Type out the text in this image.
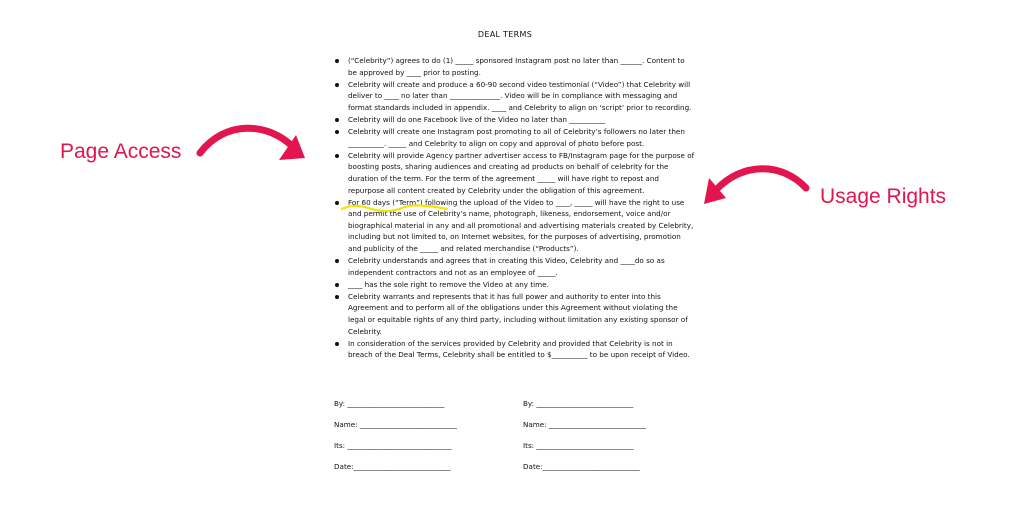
DEAL TERMS
(“Celebrity”) agrees to do (1) _____ sponsored Instagram post no later than ______. Content to be approved by ____ prior to posting.
Celebrity will create and produce a 60-90 second video testimonial (“Video”) that Celebrity will deliver to ____ no later than ______________. Video will be in compliance with messaging and format standards included in appendix. ____ and Celebrity to align on ‘script’ prior to recording.
Celebrity will do one Facebook live of the Video no later than __________
Celebrity will create one Instagram post promoting to all of Celebrity’s followers no later then __________. _____ and Celebrity to align on copy and approval of photo before post.
Celebrity will provide Agency partner advertiser access to FB/Instagram page for the purpose of boosting posts, sharing audiences and creating ad products on behalf of celebrity for the duration of the term. For the term of the agreement _____ will have right to repost and repurpose all content created by Celebrity under the obligation of this agreement.
For 60 days (“Term”) following the upload of the Video to ____, _____ will have the right to use and permit the use of Celebrity’s name, photograph, likeness, endorsement, voice and/or biographical material in any and all promotional and advertising materials created by Celebrity, including but not limited to, on Internet websites, for the purposes of advertising, promotion and publicity of the _____ and related merchandise (“Products”).
Celebrity understands and agrees that in creating this Video, Celebrity and ____do so as independent contractors and not as an employee of _____.
____ has the sole right to remove the Video at any time.
Celebrity warrants and represents that it has full power and authority to enter into this Agreement and to perform all of the obligations under this Agreement without violating the legal or equitable rights of any third party, including without limitation any existing sponsor of Celebrity.
In consideration of the services provided by Celebrity and provided that Celebrity is not in breach of the Deal Terms, Celebrity shall be entitled to $__________ to be upon receipt of Video.
By: ___________________________
Name: ___________________________
Its: _____________________________
Date:___________________________
By: ___________________________
Name: ___________________________
Its: ___________________________
Date:___________________________
Page Access
Usage Rights
